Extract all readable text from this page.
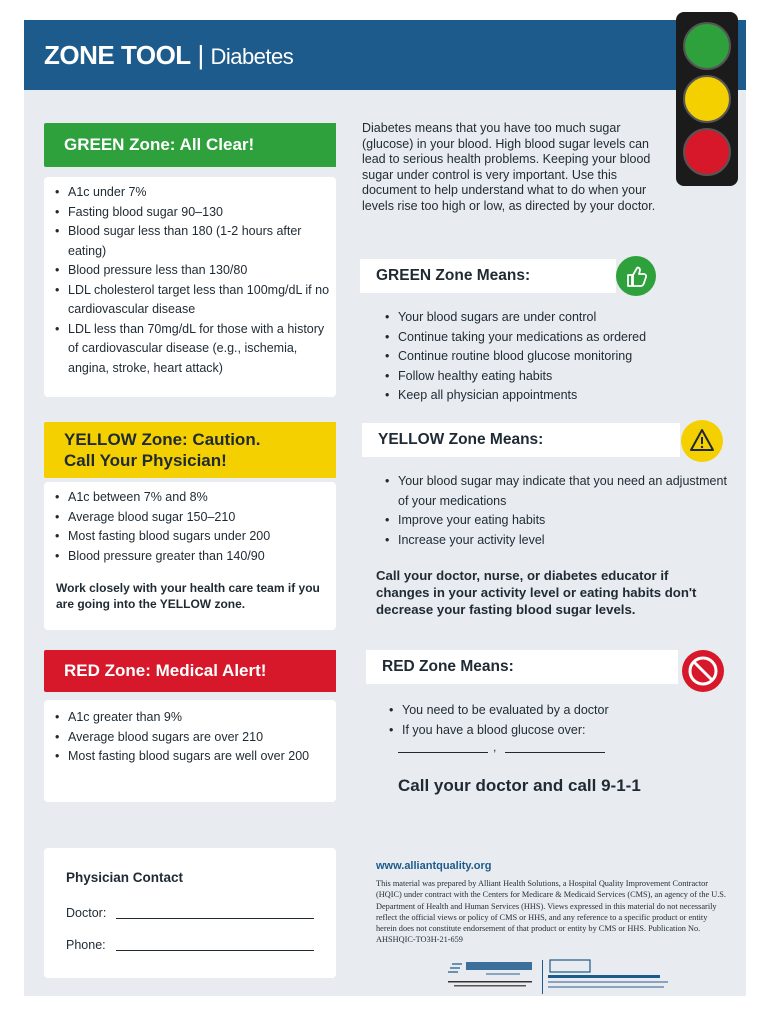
ZONE TOOL | Diabetes
GREEN Zone: All Clear!
• A1c under 7%
• Fasting blood sugar 90–130
• Blood sugar less than 180 (1-2 hours after eating)
• Blood pressure less than 130/80
• LDL cholesterol target less than 100mg/dL if no cardiovascular disease
• LDL less than 70mg/dL for those with a history of cardiovascular disease (e.g., ischemia, angina, stroke, heart attack)
Diabetes means that you have too much sugar (glucose) in your blood. High blood sugar levels can lead to serious health problems. Keeping your blood sugar under control is very important. Use this document to help understand what to do when your levels rise too high or low, as directed by your doctor.
GREEN Zone Means:
• Your blood sugars are under control
• Continue taking your medications as ordered
• Continue routine blood glucose monitoring
• Follow healthy eating habits
• Keep all physician appointments
YELLOW Zone: Caution.
Call Your Physician!
• A1c between 7% and 8%
• Average blood sugar 150–210
• Most fasting blood sugars under 200
• Blood pressure greater than 140/90
Work closely with your health care team if you are going into the YELLOW zone.
YELLOW Zone Means:
• Your blood sugar may indicate that you need an adjustment of your medications
• Improve your eating habits
• Increase your activity level
Call your doctor, nurse, or diabetes educator if changes in your activity level or eating habits don't decrease your fasting blood sugar levels.
RED Zone: Medical Alert!
• A1c greater than 9%
• Average blood sugars are over 210
• Most fasting blood sugars are well over 200
RED Zone Means:
• You need to be evaluated by a doctor
• If you have a blood glucose over:
,
Call your doctor and call 9-1-1
Physician Contact
Doctor:
Phone:
www.alliantquality.org
This material was prepared by Alliant Health Solutions, a Hospital Quality Improvement Contractor (HQIC) under contract with the Centers for Medicare & Medicaid Services (CMS), an agency of the U.S. Department of Health and Human Services (HHS). Views expressed in this material do not necessarily reflect the official views or policy of CMS or HHS, and any reference to a specific product or entity herein does not constitute endorsement of that product or entity by CMS or HHS. Publication No. AHSHQIC-TO3H-21-659
